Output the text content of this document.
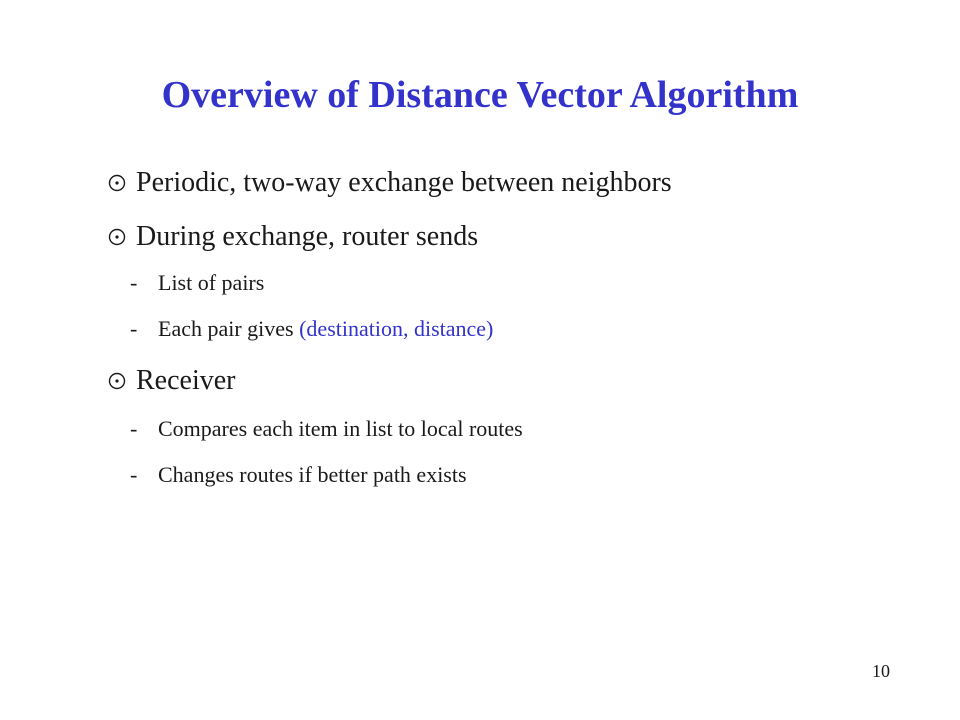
Overview of Distance Vector Algorithm
Periodic, two-way exchange between neighbors
During exchange, router sends
- List of pairs
- Each pair gives (destination, distance)
Receiver
- Compares each item in list to local routes
- Changes routes if better path exists
10
